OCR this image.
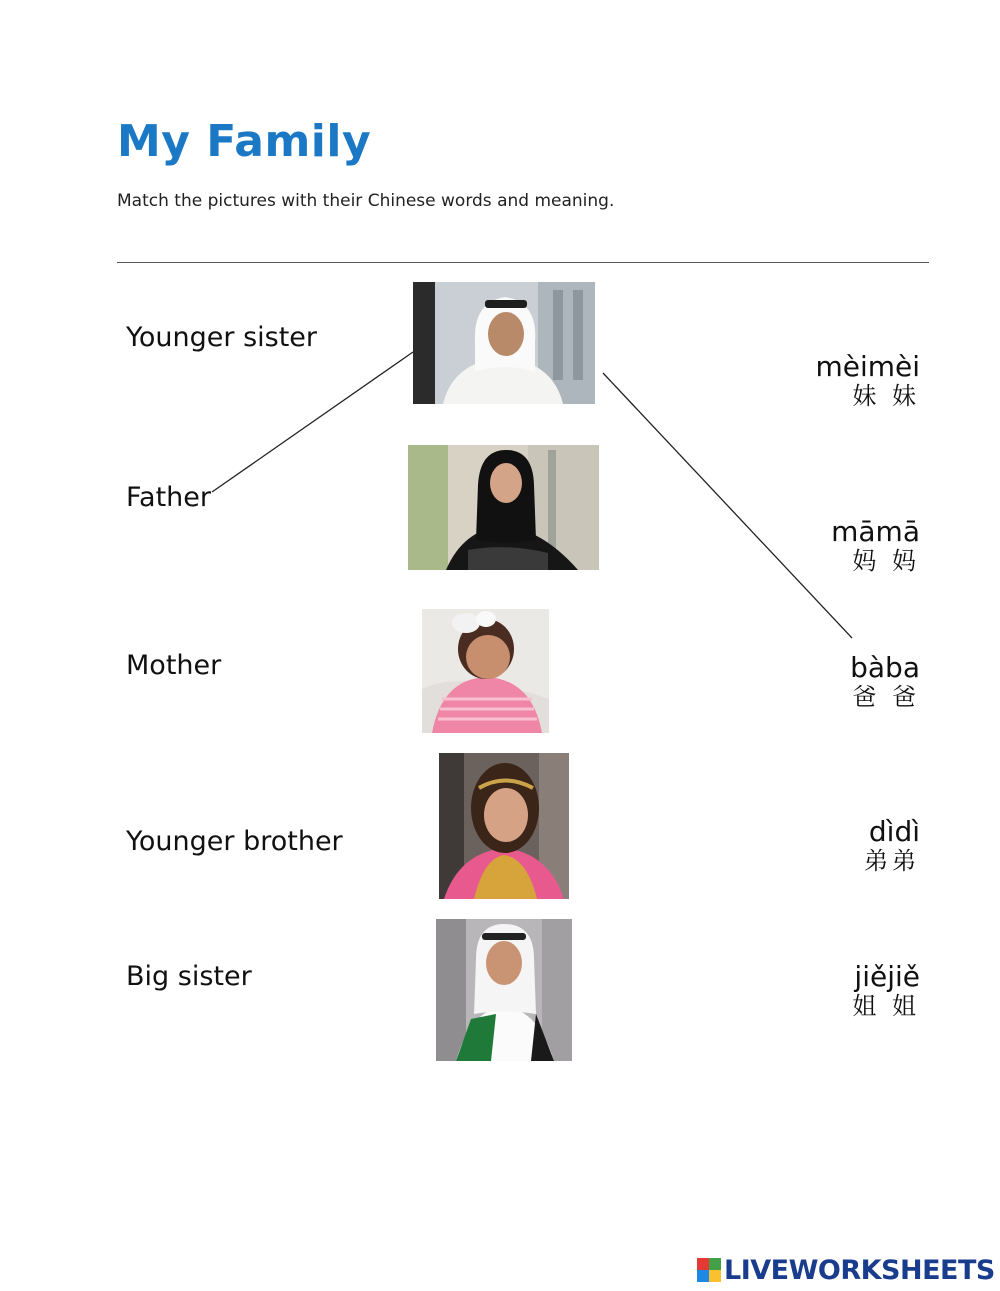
My Family
Match the pictures with their Chinese words and meaning.
Younger sister
Father
Mother
Younger brother
Big sister
mèimèi
妹 妹
māmā
妈 妈
bàba
爸 爸
dìdì
弟弟
jiějiě
姐 姐
LIVEWORKSHEETS
